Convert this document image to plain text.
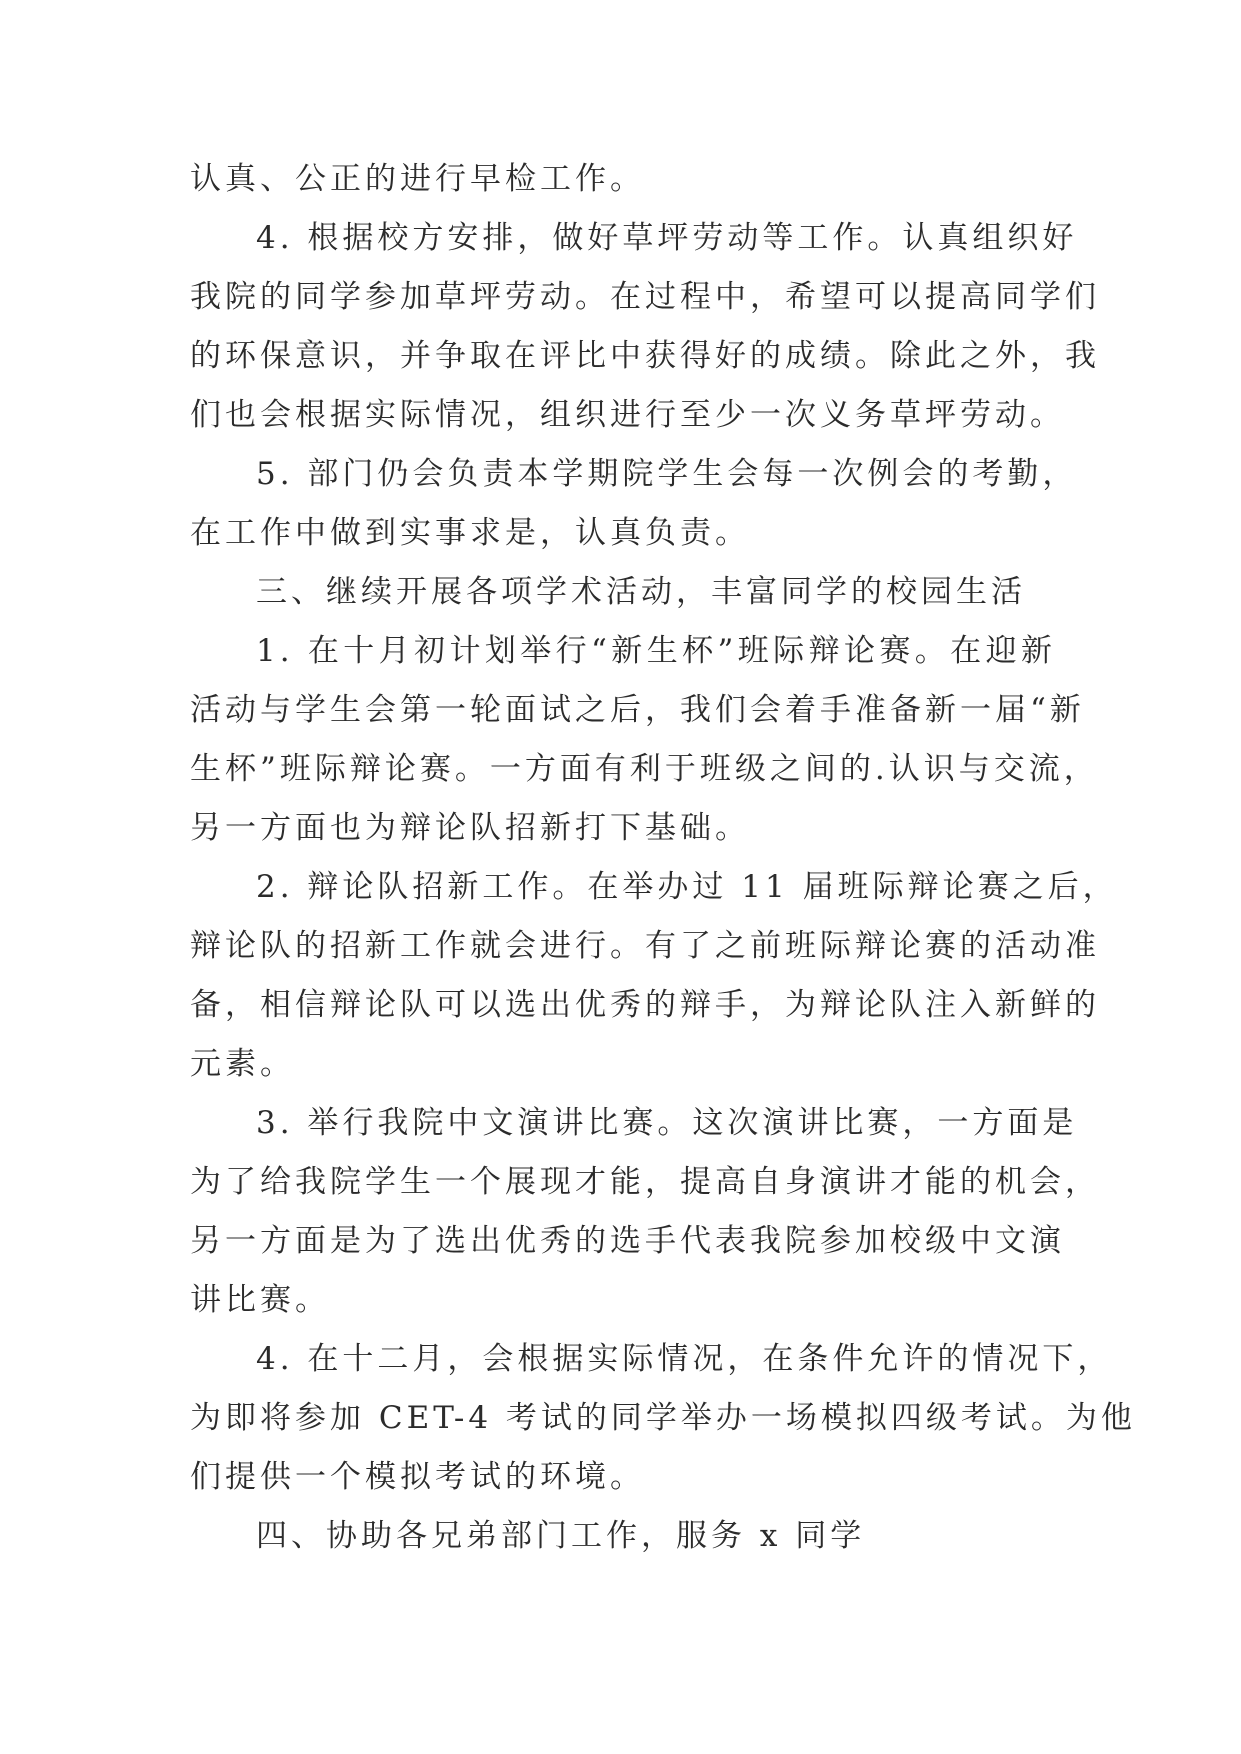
认真、公正的进行早检工作。
4. 根据校方安排，做好草坪劳动等工作。认真组织好
我院的同学参加草坪劳动。在过程中，希望可以提高同学们
的环保意识，并争取在评比中获得好的成绩。除此之外，我
们也会根据实际情况，组织进行至少一次义务草坪劳动。
5. 部门仍会负责本学期院学生会每一次例会的考勤，
在工作中做到实事求是，认真负责。
三、继续开展各项学术活动，丰富同学的校园生活
1. 在十月初计划举行“新生杯”班际辩论赛。在迎新
活动与学生会第一轮面试之后，我们会着手准备新一届“新
生杯”班际辩论赛。一方面有利于班级之间的.认识与交流，
另一方面也为辩论队招新打下基础。
2. 辩论队招新工作。在举办过 11 届班际辩论赛之后，
辩论队的招新工作就会进行。有了之前班际辩论赛的活动准
备，相信辩论队可以选出优秀的辩手，为辩论队注入新鲜的
元素。
3. 举行我院中文演讲比赛。这次演讲比赛，一方面是
为了给我院学生一个展现才能，提高自身演讲才能的机会，
另一方面是为了选出优秀的选手代表我院参加校级中文演
讲比赛。
4. 在十二月，会根据实际情况，在条件允许的情况下，
为即将参加 CET-4 考试的同学举办一场模拟四级考试。为他
们提供一个模拟考试的环境。
四、协助各兄弟部门工作，服务 x 同学
